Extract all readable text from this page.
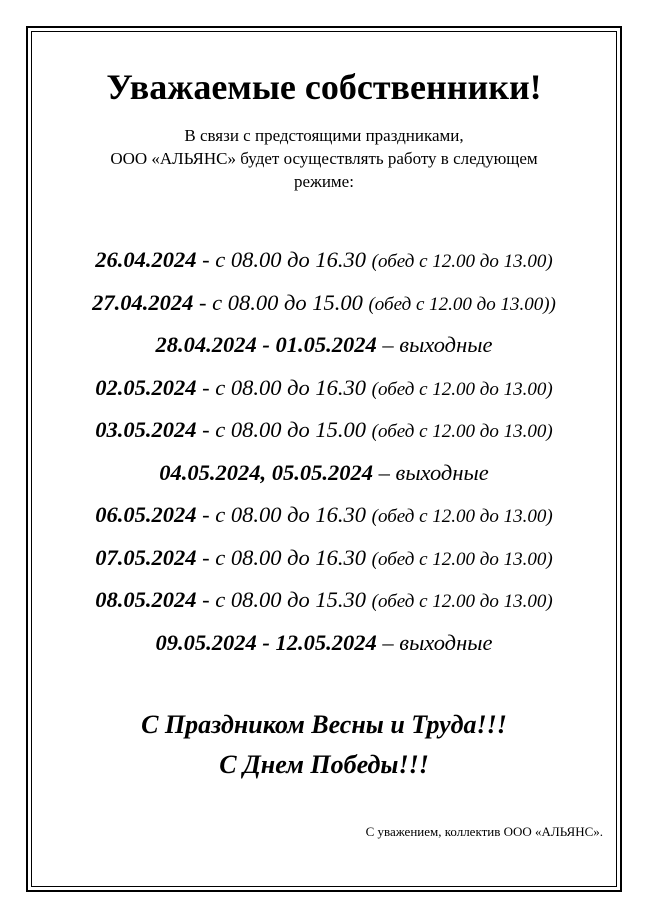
Уважаемые собственники!
В связи с предстоящими праздниками,
ООО «АЛЬЯНС» будет осуществлять работу в следующем
режиме:
26.04.2024 - с 08.00 до 16.30 (обед с 12.00 до 13.00)
27.04.2024 - с 08.00 до 15.00 (обед с 12.00 до 13.00))
28.04.2024 - 01.05.2024 – выходные
02.05.2024 - с 08.00 до 16.30 (обед с 12.00 до 13.00)
03.05.2024 - с 08.00 до 15.00 (обед с 12.00 до 13.00)
04.05.2024, 05.05.2024 – выходные
06.05.2024 - с 08.00 до 16.30 (обед с 12.00 до 13.00)
07.05.2024 - с 08.00 до 16.30 (обед с 12.00 до 13.00)
08.05.2024 - с 08.00 до 15.30 (обед с 12.00 до 13.00)
09.05.2024 - 12.05.2024 – выходные
С Праздником Весны и Труда!!!
С Днем Победы!!!
С уважением, коллектив ООО «АЛЬЯНС».
